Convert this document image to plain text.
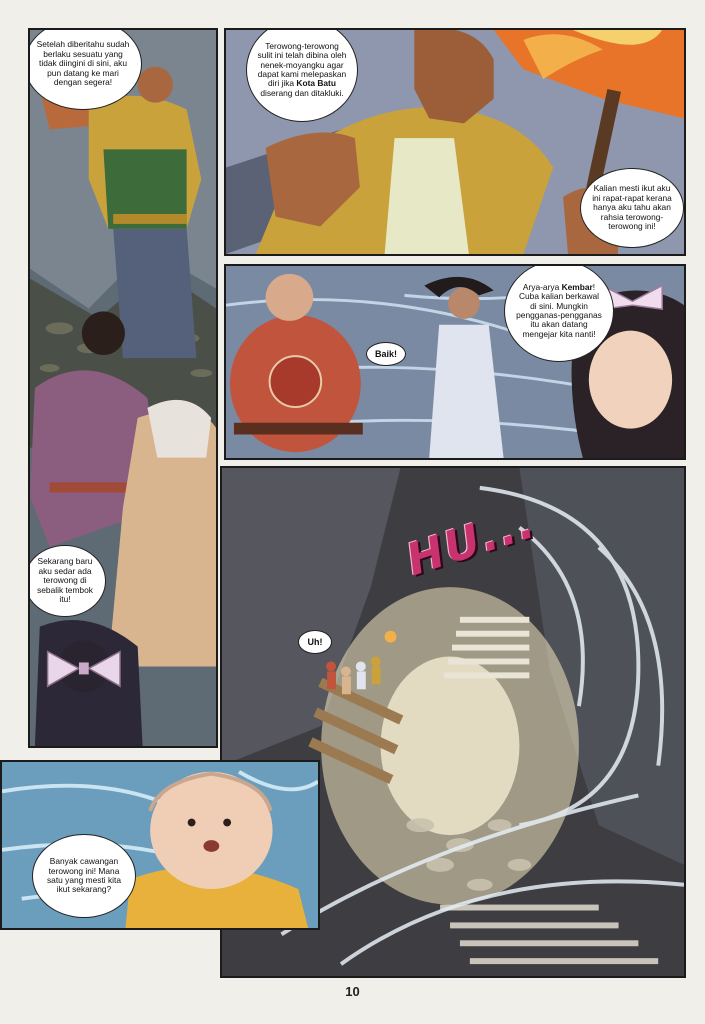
Setelah diberitahu sudah berlaku sesuatu yang tidak diingini di sini, aku pun datang ke mari dengan segera!
Sekarang baru aku sedar ada terowong di sebalik tembok itu!
Terowong-terowong sulit ini telah dibina oleh nenek-moyangku agar dapat kami melepaskan diri jika Kota Batu diserang dan ditakluki.
Kalian mesti ikut aku ini rapat-rapat kerana hanya aku tahu akan rahsia terowong-terowong ini!
Baik!
Arya-arya Kembar! Cuba kalian berkawal di sini. Mungkin pengganas-pengganas itu akan datang mengejar kita nanti!
Uh!
HU...
Banyak cawangan terowong ini! Mana satu yang mesti kita ikut sekarang?
10
